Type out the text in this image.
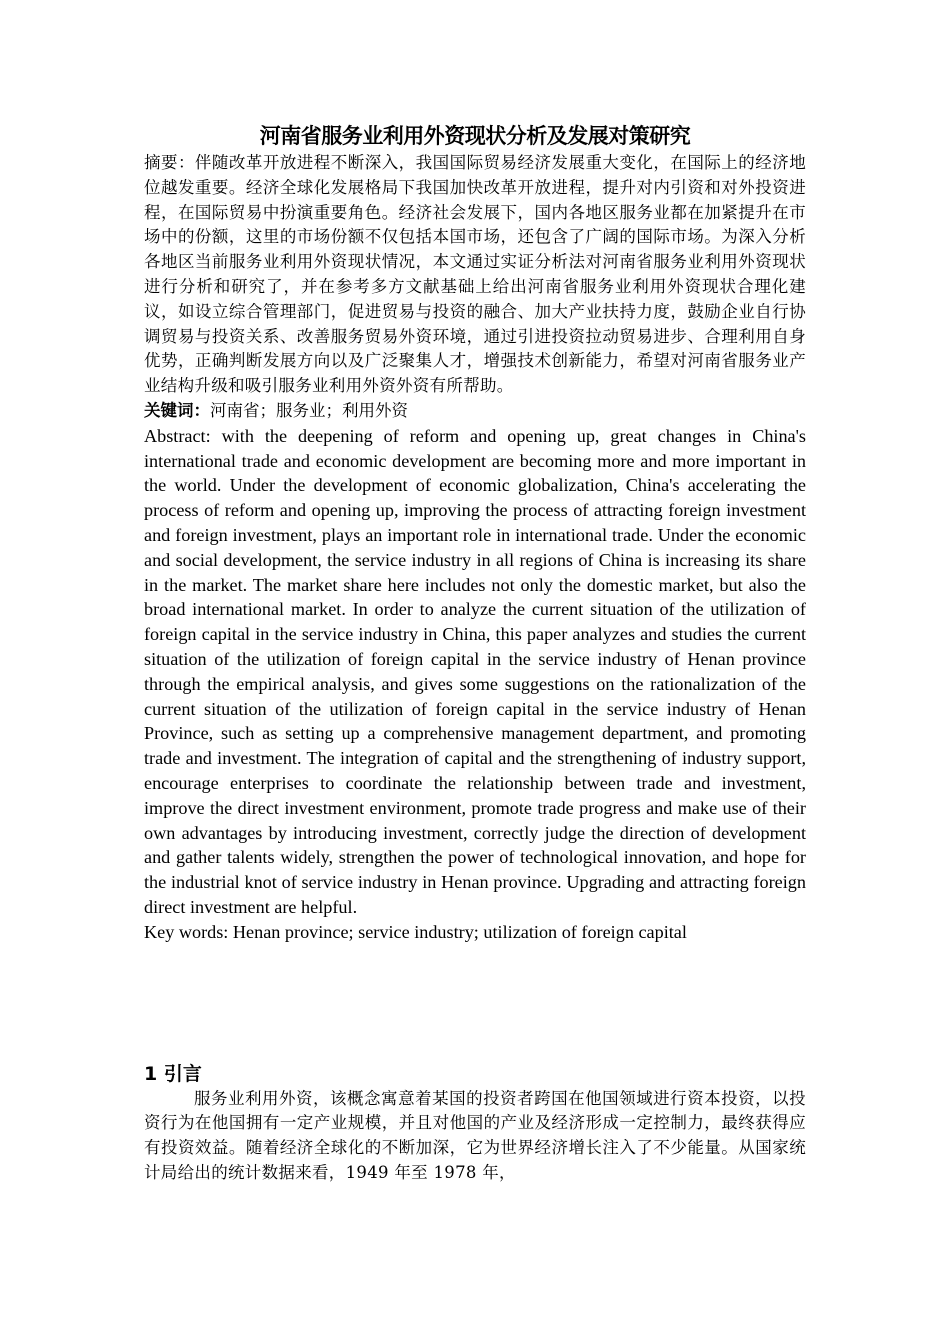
河南省服务业利用外资现状分析及发展对策研究

摘要：伴随改革开放进程不断深入，我国国际贸易经济发展重大变化，在国际上的经济地位越发重要。经济全球化发展格局下我国加快改革开放进程，提升对内引资和对外投资进程，在国际贸易中扮演重要角色。经济社会发展下，国内各地区服务业都在加紧提升在市场中的份额，这里的市场份额不仅包括本国市场，还包含了广阔的国际市场。为深入分析各地区当前服务业利用外资现状情况，本文通过实证分析法对河南省服务业利用外资现状进行分析和研究了，并在参考多方文献基础上给出河南省服务业利用外资现状合理化建议，如设立综合管理部门，促进贸易与投资的融合、加大产业扶持力度，鼓励企业自行协调贸易与投资关系、改善服务贸易外资环境，通过引进投资拉动贸易进步、合理利用自身优势，正确判断发展方向以及广泛聚集人才，增强技术创新能力，希望对河南省服务业产业结构升级和吸引服务业利用外资外资有所帮助。

关键词：河南省；服务业；利用外资

Abstract: with the deepening of reform and opening up, great changes in China's international trade and economic development are becoming more and more important in the world. Under the development of economic globalization, China's accelerating the process of reform and opening up, improving the process of attracting foreign investment and foreign investment, plays an important role in international trade. Under the economic and social development, the service industry in all regions of China is increasing its share in the market. The market share here includes not only the domestic market, but also the broad international market. In order to analyze the current situation of the utilization of foreign capital in the service industry in China, this paper analyzes and studies the current situation of the utilization of foreign capital in the service industry of Henan province through the empirical analysis, and gives some suggestions on the rationalization of the current situation of the utilization of foreign capital in the service industry of Henan Province, such as setting up a comprehensive management department, and promoting trade and investment. The integration of capital and the strengthening of industry support, encourage enterprises to coordinate the relationship between trade and investment, improve the direct investment environment, promote trade progress and make use of their own advantages by introducing investment, correctly judge the direction of development and gather talents widely, strengthen the power of technological innovation, and hope for the industrial knot of service industry in Henan province. Upgrading and attracting foreign direct investment are helpful.

Key words: Henan province; service industry; utilization of foreign capital

1 引言

服务业利用外资，该概念寓意着某国的投资者跨国在他国领域进行资本投资，以投资行为在他国拥有一定产业规模，并且对他国的产业及经济形成一定控制力，最终获得应有投资效益。随着经济全球化的不断加深，它为世界经济增长注入了不少能量。从国家统计局给出的统计数据来看，1949 年至 1978 年，
